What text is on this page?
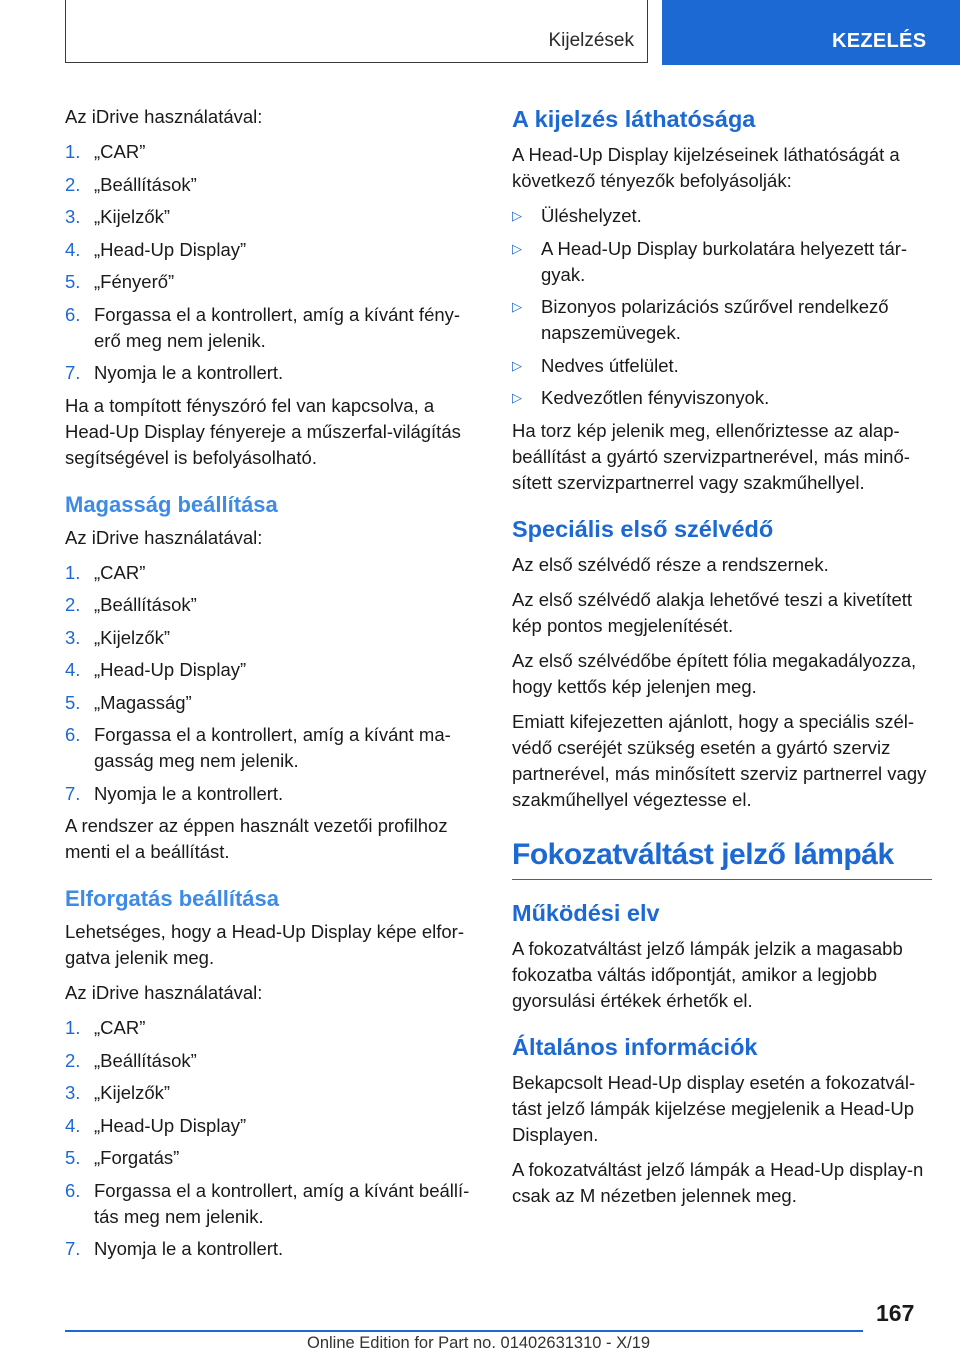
Kijelzések	KEZELÉS

Az iDrive használatával:

1. „CAR”
2. „Beállítások”
3. „Kijelzők”
4. „Head-Up Display”
5. „Fényerő”
6. Forgassa el a kontrollert, amíg a kívánt fény‐erő meg nem jelenik.
7. Nyomja le a kontrollert.

Ha a tompított fényszóró fel van kapcsolva, a Head-Up Display fényereje a műszerfal-világítás segítségével is befolyásolható.

Magasság beállítása

Az iDrive használatával:

1. „CAR”
2. „Beállítások”
3. „Kijelzők”
4. „Head-Up Display”
5. „Magasság”
6. Forgassa el a kontrollert, amíg a kívánt ma‐gasság meg nem jelenik.
7. Nyomja le a kontrollert.

A rendszer az éppen használt vezetői profilhoz menti el a beállítást.

Elforgatás beállítása

Lehetséges, hogy a Head-Up Display képe elfor‐gatva jelenik meg.

Az iDrive használatával:

1. „CAR”
2. „Beállítások”
3. „Kijelzők”
4. „Head-Up Display”
5. „Forgatás”
6. Forgassa el a kontrollert, amíg a kívánt beállí‐tás meg nem jelenik.
7. Nyomja le a kontrollert.
A kijelzés láthatósága

A Head-Up Display kijelzéseinek láthatóságát a következő tényezők befolyásolják:

▷ Üléshelyzet.
▷ A Head-Up Display burkolatára helyezett tár‐gyak.
▷ Bizonyos polarizációs szűrővel rendelkező napszemüvegek.
▷ Nedves útfelület.
▷ Kedvezőtlen fényviszonyok.

Ha torz kép jelenik meg, ellenőriztesse az alap‐beállítást a gyártó szervizpartnerével, más minő‐sített szervizpartnerrel vagy szakműhellyel.

Speciális első szélvédő

Az első szélvédő része a rendszernek.

Az első szélvédő alakja lehetővé teszi a kivetített kép pontos megjelenítését.

Az első szélvédőbe épített fólia megakadályozza, hogy kettős kép jelenjen meg.

Emiatt kifejezetten ajánlott, hogy a speciális szél‐védő cseréjét szükség esetén a gyártó szerviz partnerével, más minősített szerviz partnerrel vagy szakműhellyel végeztesse el.

Fokozatváltást jelző lámpák
Működési elv

A fokozatváltást jelző lámpák jelzik a magasabb fokozatba váltás időpontját, amikor a legjobb gyorsulási értékek érhetők el.

Általános információk

Bekapcsolt Head-Up display esetén a fokozatvál‐tást jelző lámpák kijelzése megjelenik a Head-Up Displayen.

A fokozatváltást jelző lámpák a Head-Up display‐n csak az M nézetben jelennek meg.

167
Online Edition for Part no. 01402631310 - X/19
